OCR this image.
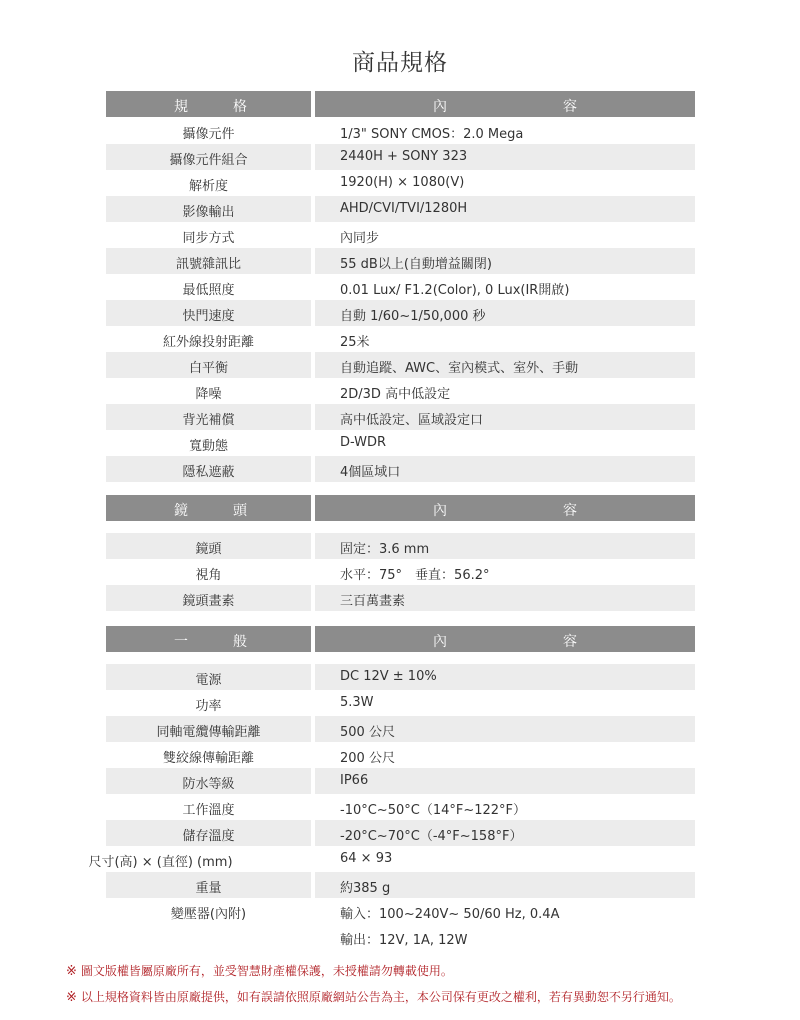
商品規格
規	格	內	容
攝像元件	1/3" SONY CMOS：2.0 Mega
攝像元件組合	2440H + SONY 323
解析度	1920(H) × 1080(V)
影像輸出	AHD/CVI/TVI/1280H
同步方式	內同步
訊號雜訊比	55 dB以上(自動增益關閉)
最低照度	0.01 Lux/ F1.2(Color), 0 Lux(IR開啟)
快門速度	自動 1/60~1/50,000 秒
紅外線投射距離	25米
白平衡	自動追蹤、AWC、室內模式、室外、手動
降噪	2D/3D 高中低設定
背光補償	高中低設定、區域設定口
寬動態	D-WDR
隱私遮蔽	4個區域口
鏡	頭	內	容
鏡頭	固定：3.6 mm
視角	水平：75°　垂直：56.2°
鏡頭畫素	三百萬畫素
一	般	內	容
電源	DC 12V ± 10%
功率	5.3W
同軸電纜傳輸距離	500 公尺
雙絞線傳輸距離	200 公尺
防水等級	IP66
工作溫度	-10°C~50°C（14°F~122°F）
儲存溫度	-20°C~70°C（-4°F~158°F）
尺寸(高) × (直徑) (mm)	64 × 93
重量	約385 g
變壓器(內附)	輸入：100~240V~ 50/60 Hz, 0.4A
輸出：12V, 1A, 12W
※ 圖文版權皆屬原廠所有，並受智慧財產權保護，未授權請勿轉載使用。
※ 以上規格資料皆由原廠提供，如有誤請依照原廠網站公告為主，本公司保有更改之權利，若有異動恕不另行通知。
